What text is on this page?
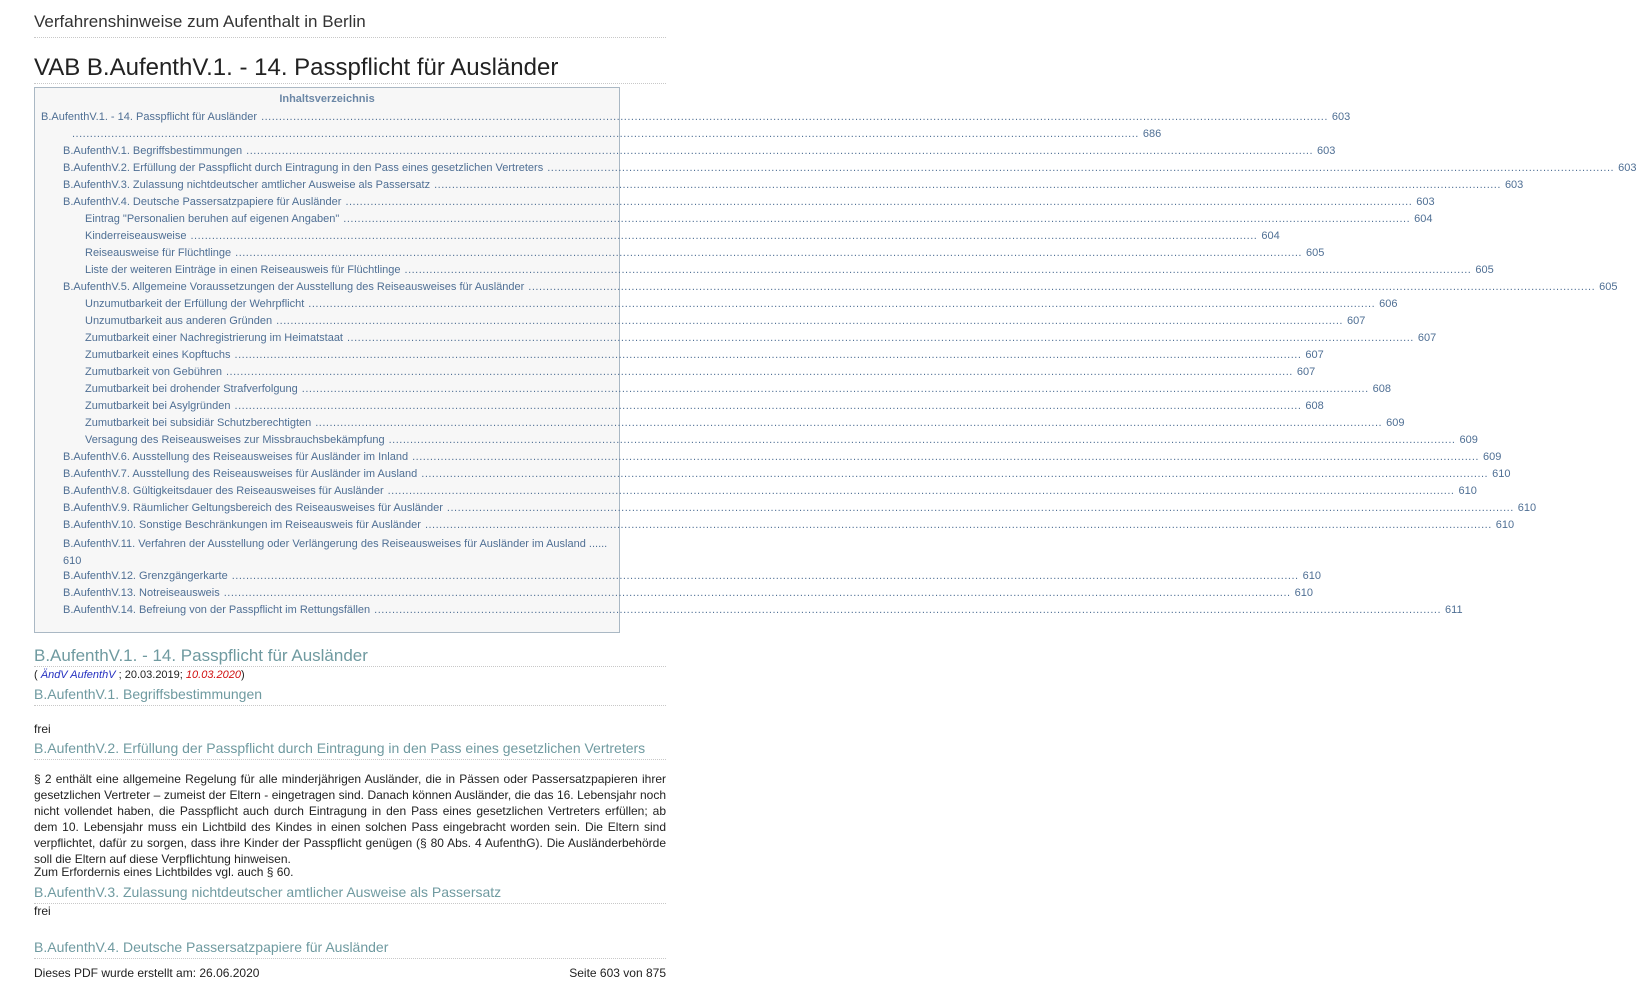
Verfahrenshinweise zum Aufenthalt in Berlin
VAB B.AufenthV.1. - 14. Passpflicht für Ausländer
Inhaltsverzeichnis
B.AufenthV.1. - 14. Passpflicht für Ausländer ............................................................................................................................................................................................................................................................................................................ 603
............................................................................................................................................................................................................................................................................................................ 686
B.AufenthV.1. Begriffsbestimmungen ............................................................................................................................................................................................................................................................................................................ 603
B.AufenthV.2. Erfüllung der Passpflicht durch Eintragung in den Pass eines gesetzlichen Vertreters ............................................................................................................................................................................................................................................................................................................ 603
B.AufenthV.3. Zulassung nichtdeutscher amtlicher Ausweise als Passersatz ............................................................................................................................................................................................................................................................................................................ 603
B.AufenthV.4. Deutsche Passersatzpapiere für Ausländer ............................................................................................................................................................................................................................................................................................................ 603
Eintrag "Personalien beruhen auf eigenen Angaben" ............................................................................................................................................................................................................................................................................................................ 604
Kinderreiseausweise ............................................................................................................................................................................................................................................................................................................ 604
Reiseausweise für Flüchtlinge ............................................................................................................................................................................................................................................................................................................ 605
Liste der weiteren Einträge in einen Reiseausweis für Flüchtlinge ............................................................................................................................................................................................................................................................................................................ 605
B.AufenthV.5. Allgemeine Voraussetzungen der Ausstellung des Reiseausweises für Ausländer ............................................................................................................................................................................................................................................................................................................ 605
Unzumutbarkeit der Erfüllung der Wehrpflicht ............................................................................................................................................................................................................................................................................................................ 606
Unzumutbarkeit aus anderen Gründen ............................................................................................................................................................................................................................................................................................................ 607
Zumutbarkeit einer Nachregistrierung im Heimatstaat ............................................................................................................................................................................................................................................................................................................ 607
Zumutbarkeit eines Kopftuchs ............................................................................................................................................................................................................................................................................................................ 607
Zumutbarkeit von Gebühren ............................................................................................................................................................................................................................................................................................................ 607
Zumutbarkeit bei drohender Strafverfolgung ............................................................................................................................................................................................................................................................................................................ 608
Zumutbarkeit bei Asylgründen ............................................................................................................................................................................................................................................................................................................ 608
Zumutbarkeit bei subsidiär Schutzberechtigten ............................................................................................................................................................................................................................................................................................................ 609
Versagung des Reiseausweises zur Missbrauchsbekämpfung ............................................................................................................................................................................................................................................................................................................ 609
B.AufenthV.6. Ausstellung des Reiseausweises für Ausländer im Inland ............................................................................................................................................................................................................................................................................................................ 609
B.AufenthV.7. Ausstellung des Reiseausweises für Ausländer im Ausland ............................................................................................................................................................................................................................................................................................................ 610
B.AufenthV.8. Gültigkeitsdauer des Reiseausweises für Ausländer ............................................................................................................................................................................................................................................................................................................ 610
B.AufenthV.9. Räumlicher Geltungsbereich des Reiseausweises für Ausländer ............................................................................................................................................................................................................................................................................................................ 610
B.AufenthV.10. Sonstige Beschränkungen im Reiseausweis für Ausländer ............................................................................................................................................................................................................................................................................................................ 610
B.AufenthV.11. Verfahren der Ausstellung oder Verlängerung des Reiseausweises für Ausländer im Ausland ......
610
B.AufenthV.12. Grenzgängerkarte ............................................................................................................................................................................................................................................................................................................ 610
B.AufenthV.13. Notreiseausweis ............................................................................................................................................................................................................................................................................................................ 610
B.AufenthV.14. Befreiung von der Passpflicht im Rettungsfällen ............................................................................................................................................................................................................................................................................................................ 611
B.AufenthV.1. - 14. Passpflicht für Ausländer
( ÄndV AufenthV ; 20.03.2019; 10.03.2020)
B.AufenthV.1. Begriffsbestimmungen
frei
B.AufenthV.2. Erfüllung der Passpflicht durch Eintragung in den Pass eines gesetzlichen Vertreters
§ 2 enthält eine allgemeine Regelung für alle minderjährigen Ausländer, die in Pässen oder Passersatzpapieren ihrer gesetzlichen Vertreter – zumeist der Eltern - eingetragen sind. Danach können Ausländer, die das 16. Lebensjahr noch nicht vollendet haben, die Passpflicht auch durch Eintragung in den Pass eines gesetzlichen Vertreters erfüllen; ab dem 10. Lebensjahr muss ein Lichtbild des Kindes in einen solchen Pass eingebracht worden sein. Die Eltern sind verpflichtet, dafür zu sorgen, dass ihre Kinder der Passpflicht genügen (§ 80 Abs. 4 AufenthG). Die Ausländerbehörde soll die Eltern auf diese Verpflichtung hinweisen.
Zum Erfordernis eines Lichtbildes vgl. auch § 60.
B.AufenthV.3. Zulassung nichtdeutscher amtlicher Ausweise als Passersatz
frei
B.AufenthV.4. Deutsche Passersatzpapiere für Ausländer
Dieses PDF wurde erstellt am: 26.06.2020	Seite 603 von 875
